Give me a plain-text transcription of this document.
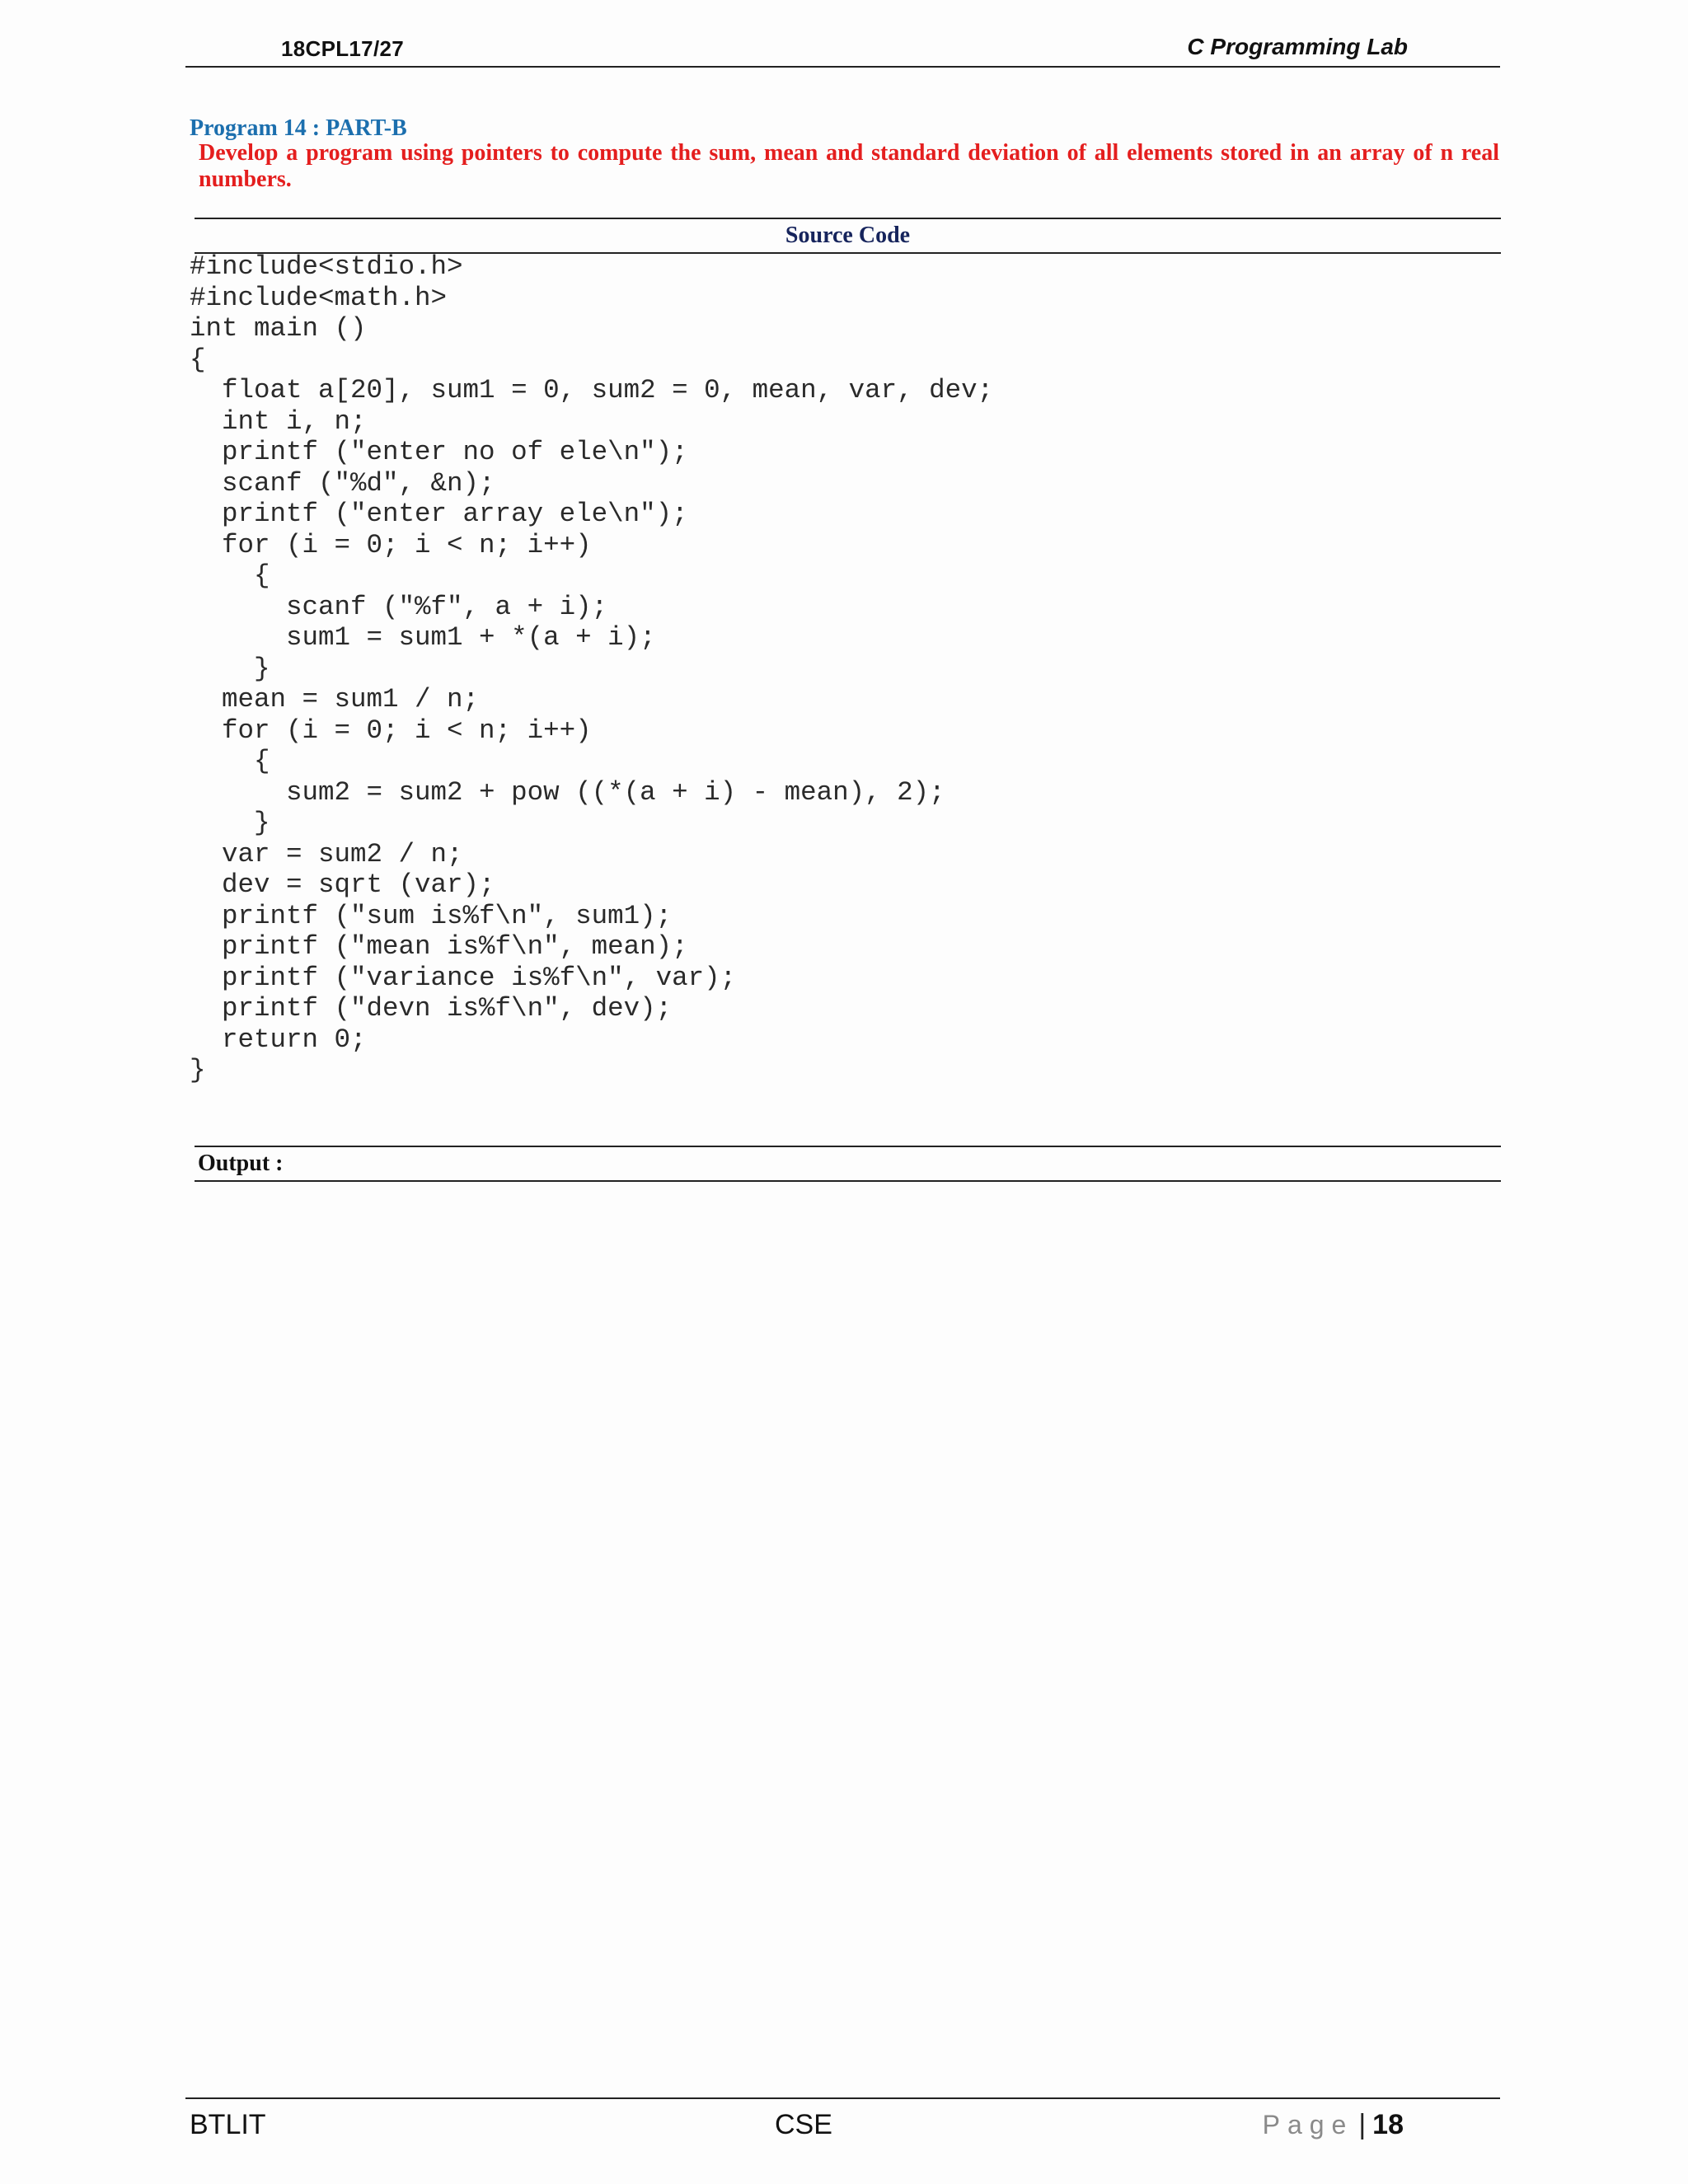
18CPL17/27	C Programming Lab
Program 14 : PART-B
Develop a program using pointers to compute the sum, mean and standard deviation of all elements stored in an array of n real numbers.
Source Code
#include<stdio.h>
#include<math.h>
int main ()
{
float a[20], sum1 = 0, sum2 = 0, mean, var, dev;
int i, n;
printf ("enter no of ele\n");
scanf ("%d", &n);
printf ("enter array ele\n");
for (i = 0; i < n; i++)
{
scanf ("%f", a + i);
sum1 = sum1 + *(a + i);
}
mean = sum1 / n;
for (i = 0; i < n; i++)
{
sum2 = sum2 + pow ((*(a + i) - mean), 2);
}
var = sum2 / n;
dev = sqrt (var);
printf ("sum is%f\n", sum1);
printf ("mean is%f\n", mean);
printf ("variance is%f\n", var);
printf ("devn is%f\n", dev);
return 0;
}
Output :
BTLIT	CSE	Page | 18
